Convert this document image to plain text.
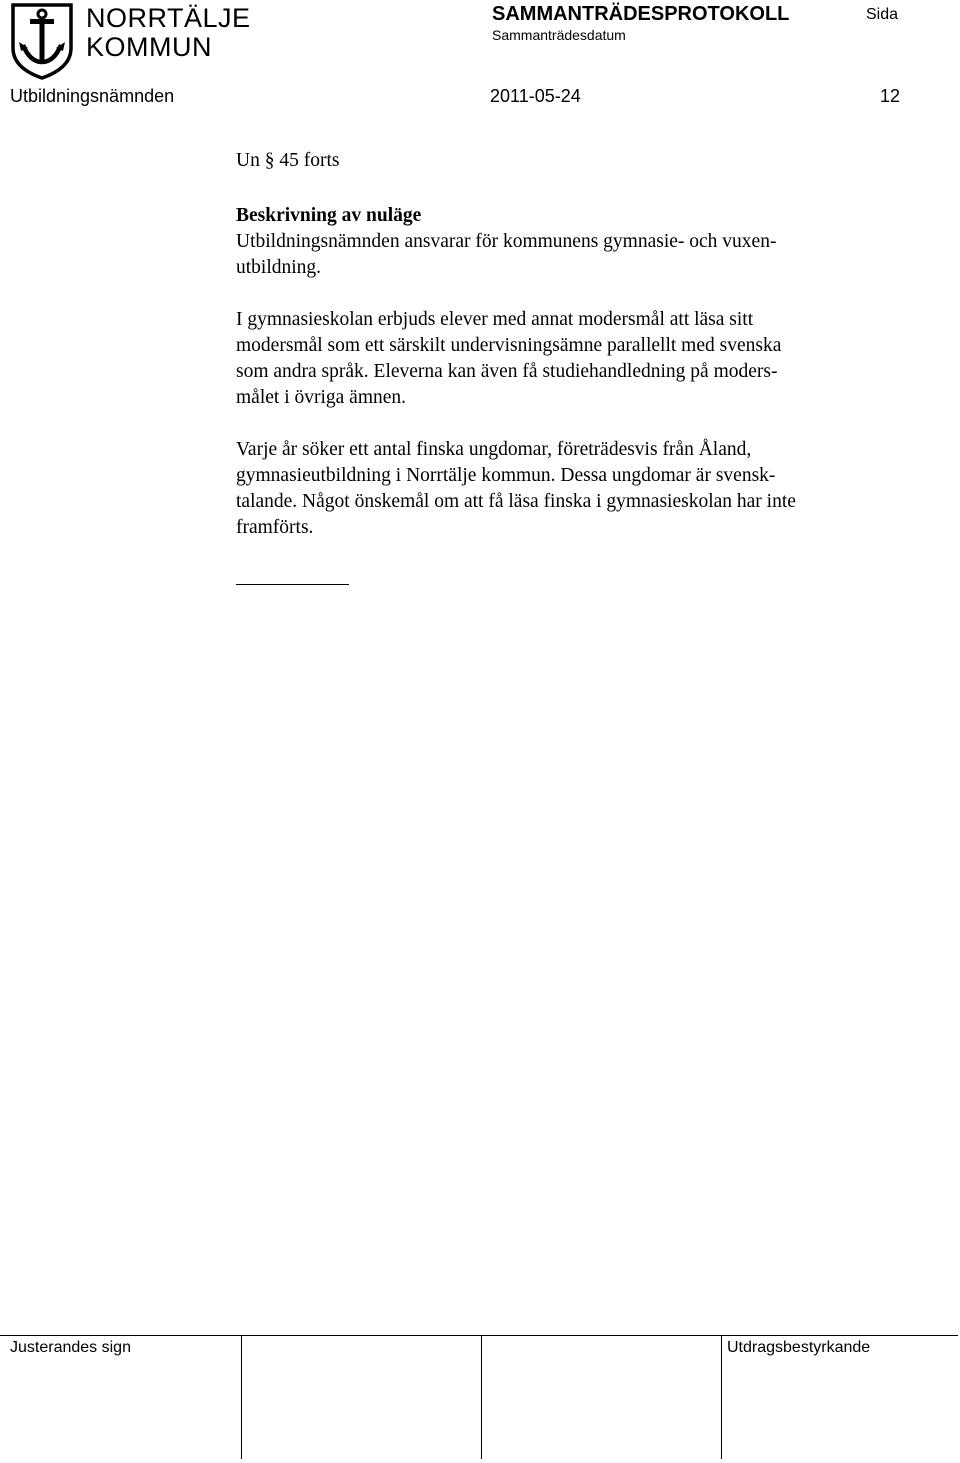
NORRTÄLJE
KOMMUN
SAMMANTRÄDESPROTOKOLL
Sammanträdesdatum
Sida
Utbildningsnämnden	2011-05-24	12

Un § 45 forts

Beskrivning av nuläge

Utbildningsnämnden ansvarar för kommunens gymnasie- och vuxen-

utbildning.

I gymnasieskolan erbjuds elever med annat modersmål att läsa sitt

modersmål som ett särskilt undervisningsämne parallellt med svenska

som andra språk. Eleverna kan även få studiehandledning på moders-

målet i övriga ämnen.

Varje år söker ett antal finska ungdomar, företrädesvis från Åland,

gymnasieutbildning i Norrtälje kommun. Dessa ungdomar är svensk-

talande. Något önskemål om att få läsa finska i gymnasieskolan har inte

framförts.

Justerandes sign	Utdragsbestyrkande
